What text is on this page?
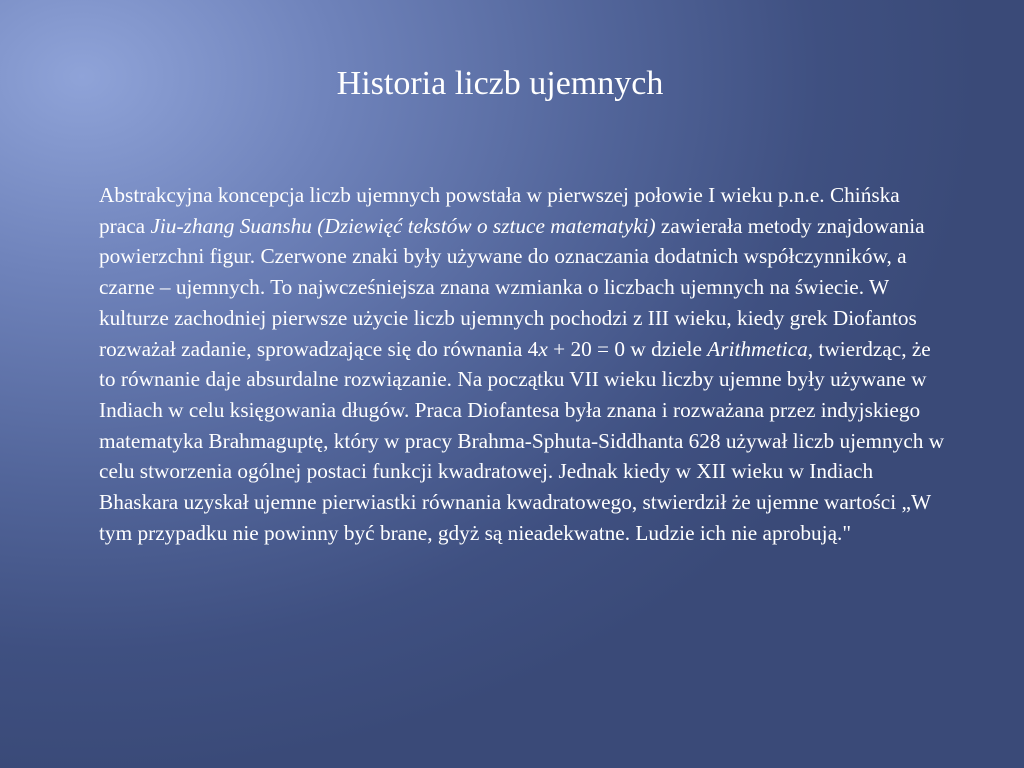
Historia liczb ujemnych

Abstrakcyjna koncepcja liczb ujemnych powstała w pierwszej połowie I wieku p.n.e. Chińska praca Jiu-zhang Suanshu (Dziewięć tekstów o sztuce matematyki) zawierała metody znajdowania powierzchni figur. Czerwone znaki były używane do oznaczania dodatnich współczynników, a czarne – ujemnych. To najwcześniejsza znana wzmianka o liczbach ujemnych na świecie. W kulturze zachodniej pierwsze użycie liczb ujemnych pochodzi z III wieku, kiedy grek Diofantos rozważał zadanie, sprowadzające się do równania 4x + 20 = 0 w dziele Arithmetica, twierdząc, że to równanie daje absurdalne rozwiązanie. Na początku VII wieku liczby ujemne były używane w Indiach w celu księgowania długów. Praca Diofantesa była znana i rozważana przez indyjskiego matematyka Brahmaguptę, który w pracy Brahma-Sphuta-Siddhanta 628 używał liczb ujemnych w celu stworzenia ogólnej postaci funkcji kwadratowej. Jednak kiedy w XII wieku w Indiach Bhaskara uzyskał ujemne pierwiastki równania kwadratowego, stwierdził że ujemne wartości „W tym przypadku nie powinny być brane, gdyż są nieadekwatne. Ludzie ich nie aprobują."
